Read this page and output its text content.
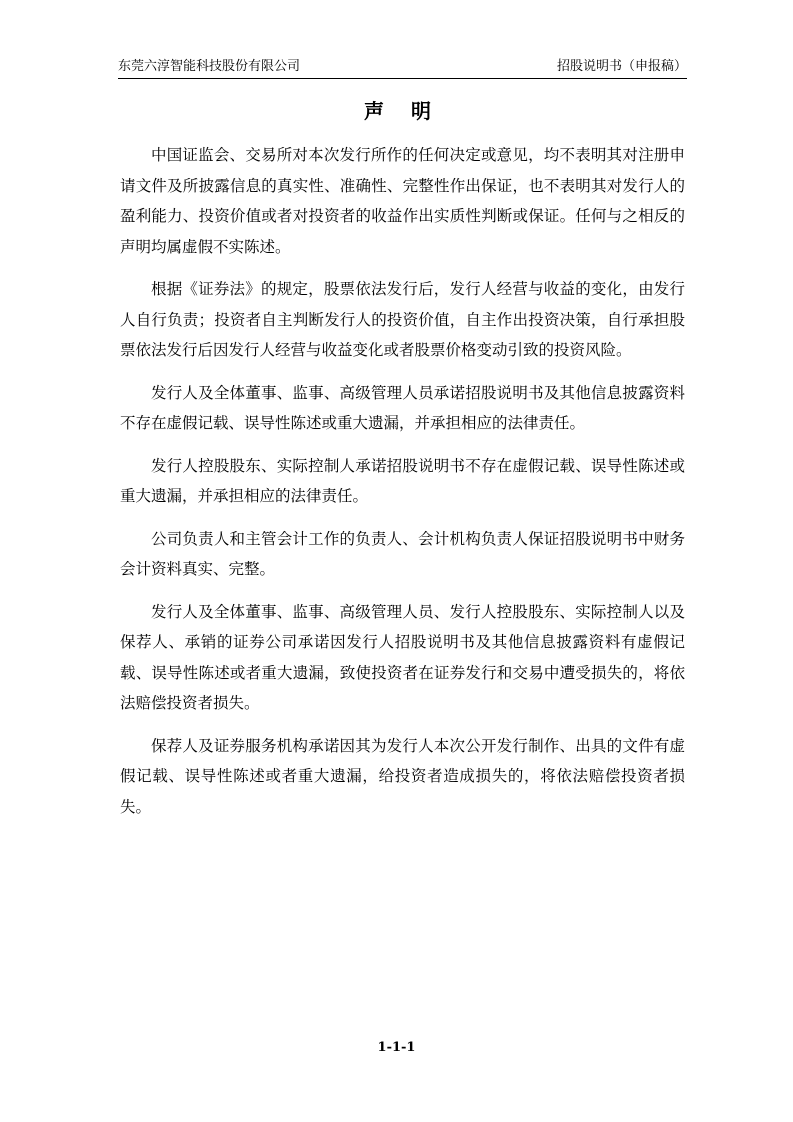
东莞六淳智能科技股份有限公司	招股说明书（申报稿）
声 明

中国证监会、交易所对本次发行所作的任何决定或意见，均不表明其对注册申请文件及所披露信息的真实性、准确性、完整性作出保证，也不表明其对发行人的盈利能力、投资价值或者对投资者的收益作出实质性判断或保证。任何与之相反的声明均属虚假不实陈述。

根据《证券法》的规定，股票依法发行后，发行人经营与收益的变化，由发行人自行负责；投资者自主判断发行人的投资价值，自主作出投资决策，自行承担股票依法发行后因发行人经营与收益变化或者股票价格变动引致的投资风险。

发行人及全体董事、监事、高级管理人员承诺招股说明书及其他信息披露资料不存在虚假记载、误导性陈述或重大遗漏，并承担相应的法律责任。

发行人控股股东、实际控制人承诺招股说明书不存在虚假记载、误导性陈述或重大遗漏，并承担相应的法律责任。

公司负责人和主管会计工作的负责人、会计机构负责人保证招股说明书中财务会计资料真实、完整。

发行人及全体董事、监事、高级管理人员、发行人控股股东、实际控制人以及保荐人、承销的证券公司承诺因发行人招股说明书及其他信息披露资料有虚假记载、误导性陈述或者重大遗漏，致使投资者在证券发行和交易中遭受损失的，将依法赔偿投资者损失。

保荐人及证券服务机构承诺因其为发行人本次公开发行制作、出具的文件有虚假记载、误导性陈述或者重大遗漏，给投资者造成损失的，将依法赔偿投资者损失。

1-1-1
